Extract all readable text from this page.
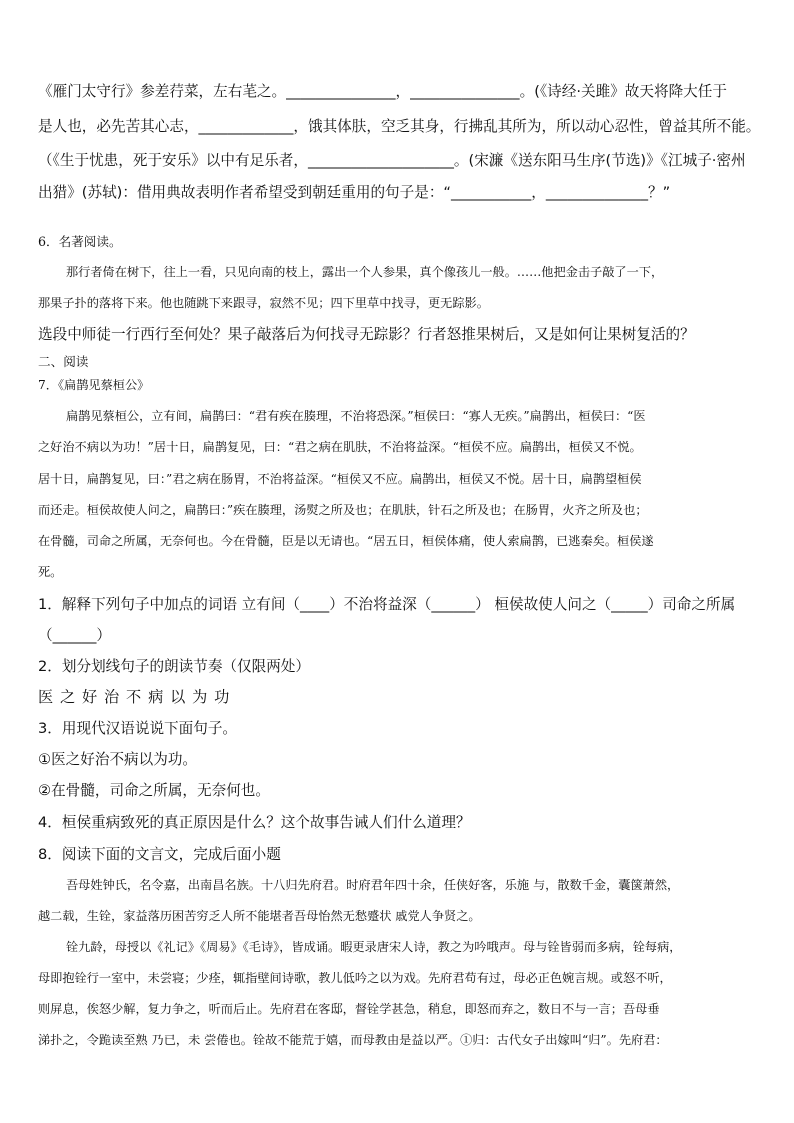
《雁门太守行》参差荇菜，左右芼之。_______________，_______________。(《诗经·关雎》故天将降大任于
是人也，必先苦其心志，_____________，饿其体肤，空乏其身，行拂乱其所为，所以动心忍性，曾益其所不能。
（《生于忧患，死于安乐》以中有足乐者，____________________。(宋濂《送东阳马生序(节选)》《江城子·密州
出猎》(苏轼)：借用典故表明作者希望受到朝廷重用的句子是：“___________，______________？”
6．名著阅读。
那行者倚在树下，往上一看，只见向南的枝上，露出一个人参果，真个像孩儿一般。……他把金击子敲了一下，
那果子扑的落将下来。他也随跳下来跟寻，寂然不见；四下里草中找寻，更无踪影。
选段中师徒一行西行至何处？果子敲落后为何找寻无踪影？行者怒推果树后，又是如何让果树复活的？
二、阅读
7．《扁鹊见蔡桓公》
扁鹊见蔡桓公，立有间，扁鹊曰：“君有疾在腠理，不治将恐深。”桓侯曰：“寡人无疾。”扁鹊出，桓侯曰：“医
之好治不病以为功！”居十日，扁鹊复见，曰：“君之病在肌肤，不治将益深。“桓侯不应。扁鹊出，桓侯又不悦。
居十日，扁鹊复见，曰：”君之病在肠胃，不治将益深。“桓侯又不应。扁鹊出，桓侯又不悦。居十日，扁鹊望桓侯
而还走。桓侯故使人问之，扁鹊曰：”疾在腠理，汤熨之所及也；在肌肤，针石之所及也；在肠胃，火齐之所及也；
在骨髓，司命之所属，无奈何也。今在骨髓，臣是以无请也。“居五日，桓侯体痛，使人索扁鹊，已逃秦矣。桓侯遂
死。
1．解释下列句子中加点的词语 立有间（____）不治将益深（______） 桓侯故使人问之（_____）司命之所属
（______）
2．划分划线句子的朗读节奏（仅限两处）
医 之 好 治 不 病 以 为 功
3．用现代汉语说说下面句子。
①医之好治不病以为功。
②在骨髓，司命之所属，无奈何也。
4．桓侯重病致死的真正原因是什么？这个故事告诫人们什么道理？
8．阅读下面的文言文，完成后面小题
吾母姓钟氏，名令嘉，出南昌名族。十八归先府君。时府君年四十余，任侠好客，乐施 与，散数千金，囊箧萧然，
越二载，生铨，家益落历困苦穷乏人所不能堪者吾母怡然无愁蹙状 戚党人争贤之。
铨九龄，母授以《礼记》《周易》《毛诗》，皆成诵。暇更录唐宋人诗，教之为吟哦声。母与铨皆弱而多病，铨每病，
母即抱铨行一室中，未尝寝；少痊，辄指壁间诗歌，教儿低吟之以为戏。先府君苟有过，母必正色婉言规。或怒不听，
则屏息，俟怒少解，复力争之，听而后止。先府君在客邸，督铨学甚急，稍怠，即怒而弃之，数日不与一言；吾母垂
涕扑之，令跪读至熟 乃已，未 尝倦也。铨故不能荒于嬉，而母教由是益以严。①归：古代女子出嫁叫“归”。先府君：
